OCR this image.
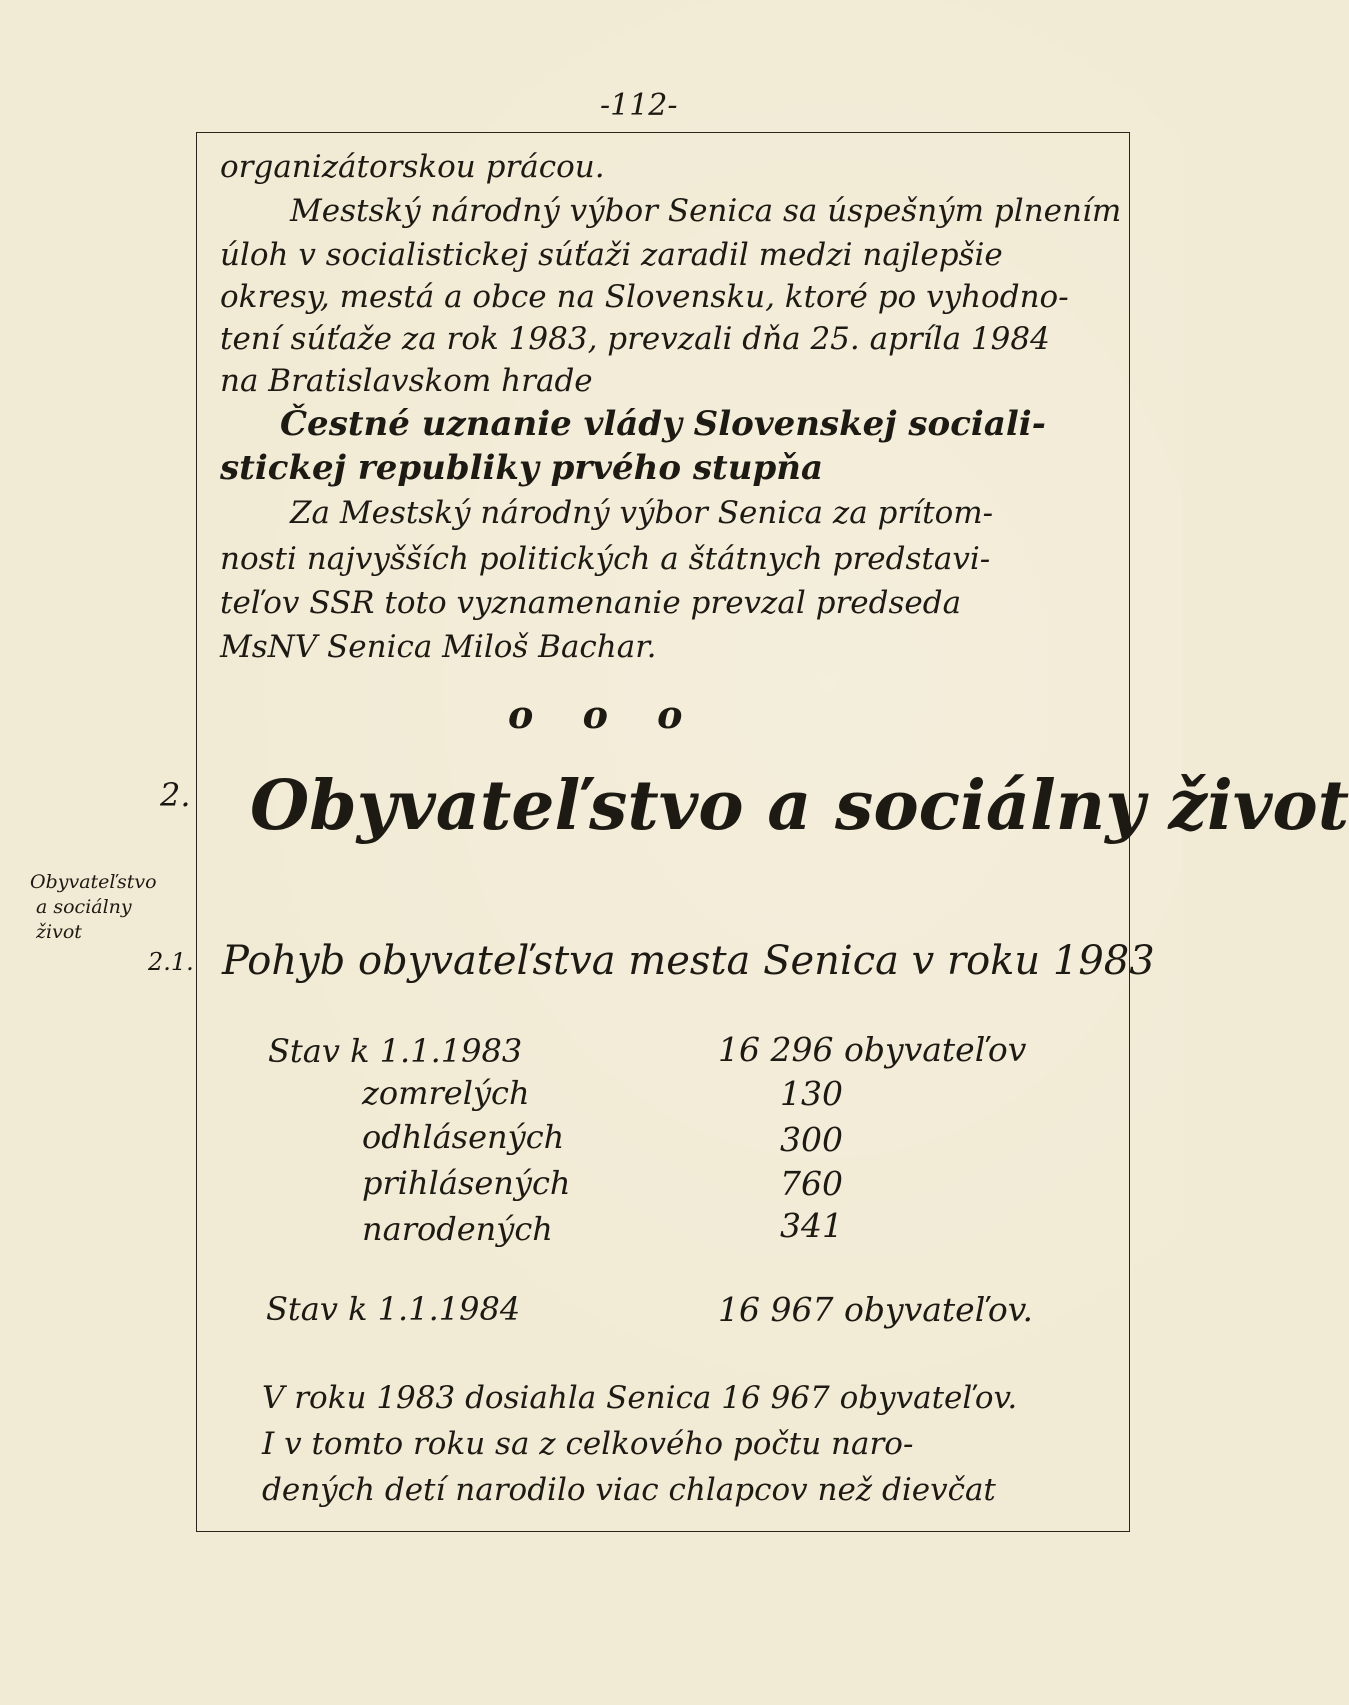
-112-
organizátorskou prácou.
Mestský národný výbor Senica sa úspešným plnením
úloh v socialistickej súťaži zaradil medzi najlepšie
okresy, mestá a obce na Slovensku, ktoré po vyhodno-
tení súťaže za rok 1983, prevzali dňa 25. apríla 1984
na Bratislavskom hrade
Čestné uznanie vlády Slovenskej sociali-
stickej republiky prvého stupňa
Za Mestský národný výbor Senica za prítom-
nosti najvyšších politických a štátnych predstavi-
teľov SSR toto vyznamenanie prevzal predseda
MsNV Senica Miloš Bachar.
o o o
2. Obyvateľstvo a sociálny život
Obyvateľstvo
a sociálny
život
2.1. Pohyb obyvateľstva mesta Senica v roku 1983
Stav k 1.1.1983	16 296 obyvateľov
zomrelých	130
odhlásených	300
prihlásených	760
narodených	341
Stav k 1.1.1984	16 967 obyvateľov.
V roku 1983 dosiahla Senica 16 967 obyvateľov.
I v tomto roku sa z celkového počtu naro-
dených detí narodilo viac chlapcov než dievčat
